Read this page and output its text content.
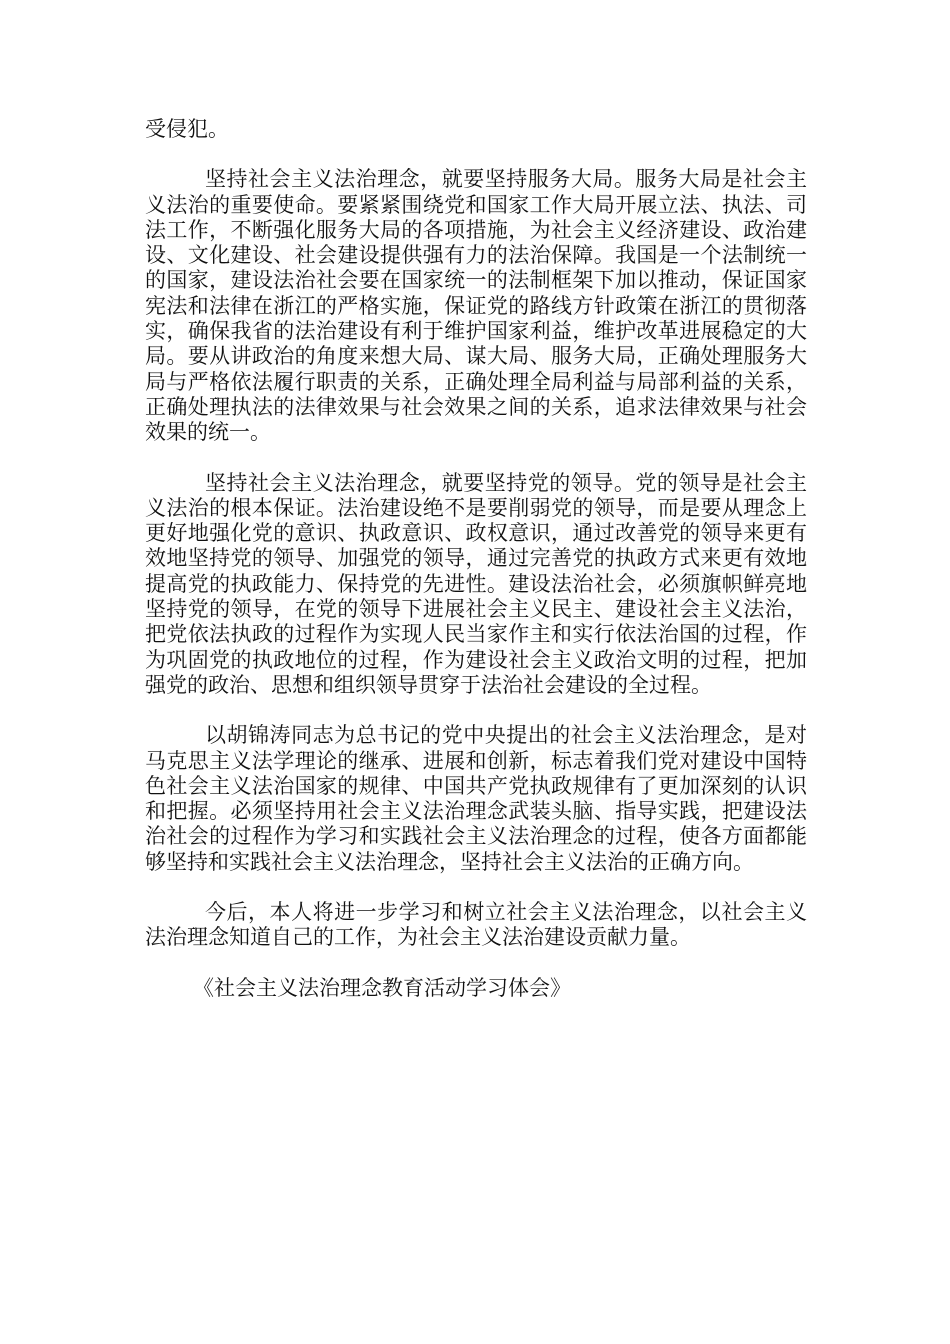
受侵犯。

坚持社会主义法治理念，就要坚持服务大局。服务大局是社会主义法治的重要使命。要紧紧围绕党和国家工作大局开展立法、执法、司法工作，不断强化服务大局的各项措施，为社会主义经济建设、政治建设、文化建设、社会建设提供强有力的法治保障。我国是一个法制统一的国家，建设法治社会要在国家统一的法制框架下加以推动，保证国家宪法和法律在浙江的严格实施，保证党的路线方针政策在浙江的贯彻落实，确保我省的法治建设有利于维护国家利益，维护改革进展稳定的大局。要从讲政治的角度来想大局、谋大局、服务大局，正确处理服务大局与严格依法履行职责的关系，正确处理全局利益与局部利益的关系，正确处理执法的法律效果与社会效果之间的关系，追求法律效果与社会效果的统一。

坚持社会主义法治理念，就要坚持党的领导。党的领导是社会主义法治的根本保证。法治建设绝不是要削弱党的领导，而是要从理念上更好地强化党的意识、执政意识、政权意识，通过改善党的领导来更有效地坚持党的领导、加强党的领导，通过完善党的执政方式来更有效地提高党的执政能力、保持党的先进性。建设法治社会，必须旗帜鲜亮地坚持党的领导，在党的领导下进展社会主义民主、建设社会主义法治，把党依法执政的过程作为实现人民当家作主和实行依法治国的过程，作为巩固党的执政地位的过程，作为建设社会主义政治文明的过程，把加强党的政治、思想和组织领导贯穿于法治社会建设的全过程。

以胡锦涛同志为总书记的党中央提出的社会主义法治理念，是对马克思主义法学理论的继承、进展和创新，标志着我们党对建设中国特色社会主义法治国家的规律、中国共产党执政规律有了更加深刻的认识和把握。必须坚持用社会主义法治理念武装头脑、指导实践，把建设法治社会的过程作为学习和实践社会主义法治理念的过程，使各方面都能够坚持和实践社会主义法治理念，坚持社会主义法治的正确方向。

今后，本人将进一步学习和树立社会主义法治理念，以社会主义法治理念知道自己的工作，为社会主义法治建设贡献力量。

《社会主义法治理念教育活动学习体会》
